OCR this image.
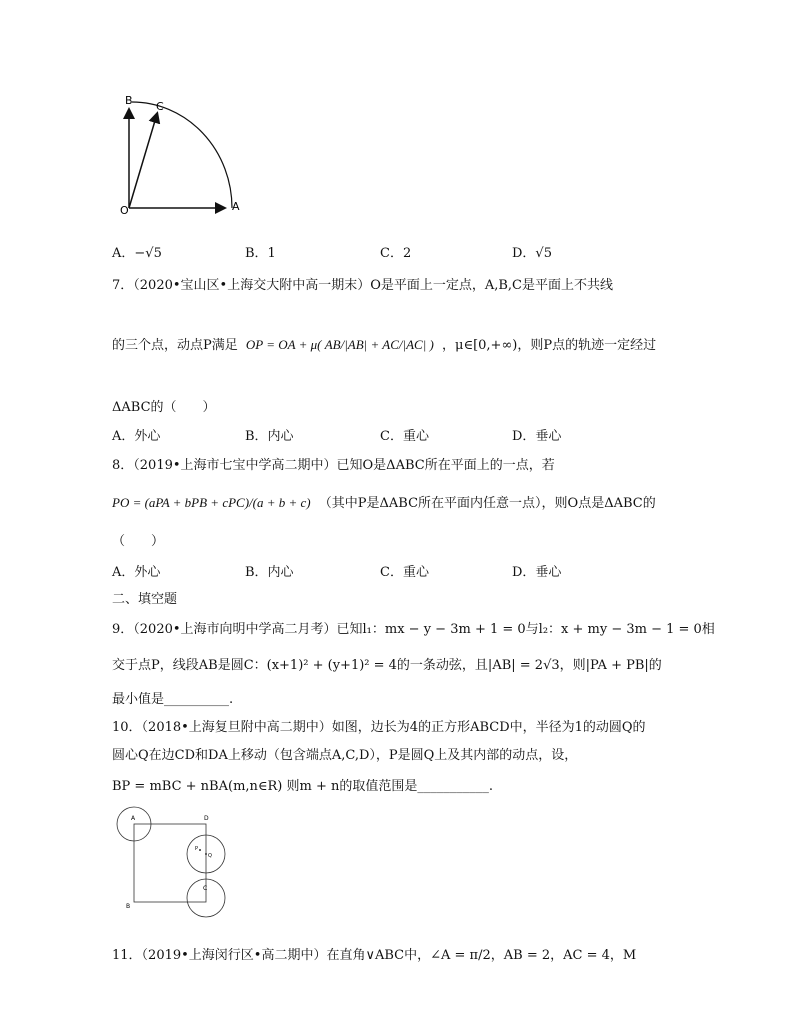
B C
O	A
A．−√5	B．1	C．2	D．√5
7．（2020•宝山区•上海交大附中高一期末）O是平面上一定点，A,B,C是平面上不共线
的三个点，动点P满足 OP = OA + μ( AB/|AB| + AC/|AC| ) ，μ∈[0,+∞)，则P点的轨迹一定经过
ΔABC的（　　）
A．外心	B．内心	C．重心	D．垂心
8．（2019•上海市七宝中学高二期中）已知O是ΔABC所在平面上的一点，若
PO = (aPA + bPB + cPC)/(a + b + c) （其中P是ΔABC所在平面内任意一点），则O点是ΔABC的
（　　）
A．外心	B．内心	C．重心	D．垂心
二、填空题
9．（2020•上海市向明中学高二月考）已知l₁：mx − y − 3m + 1 = 0与l₂：x + my − 3m − 1 = 0相
交于点P，线段AB是圆C：(x+1)² + (y+1)² = 4的一条动弦，且|AB| = 2√3，则|PA + PB|的
最小值是__________.
10．（2018•上海复旦附中高二期中）如图，边长为4的正方形ABCD中，半径为1的动圆Q的
圆心Q在边CD和DA上移动（包含端点A,C,D），P是圆Q上及其内部的动点，设，
BP = mBC + nBA(m,n∈R) 则m + n的取值范围是___________.
A
B
C
D
P
Q
11．（2019•上海闵行区•高二期中）在直角∨ABC中，∠A = π/2，AB = 2，AC = 4，M
